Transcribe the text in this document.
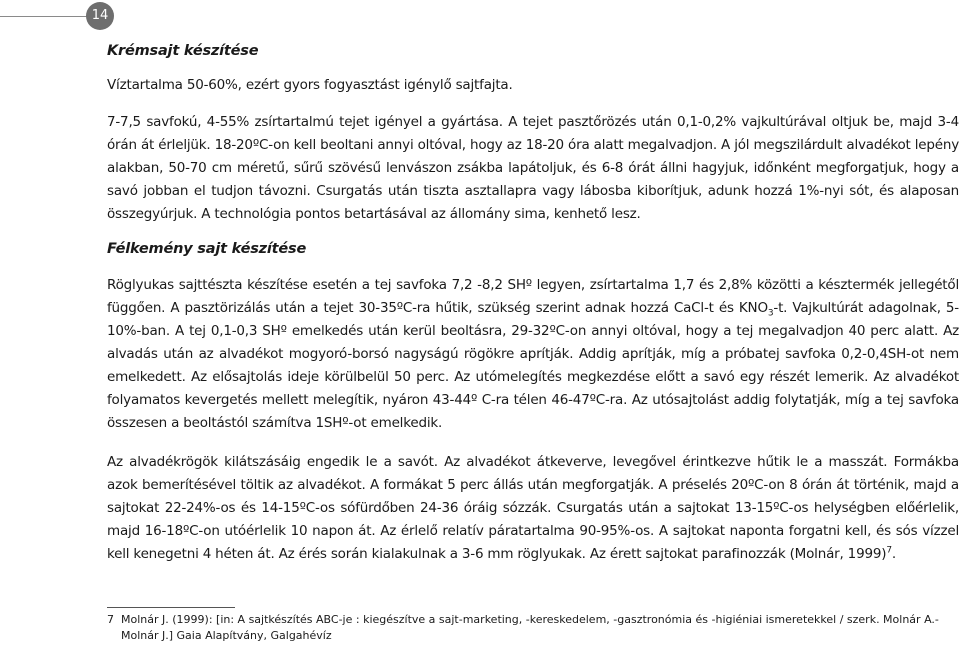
14
Krémsajt készítése

Víztartalma 50-60%, ezért gyors fogyasztást igénylő sajtfajta.

7-7,5 savfokú, 4-55% zsírtartalmú tejet igényel a gyártása. A tejet pasztőrözés után 0,1-0,2% vajkultúrával oltjuk be, majd 3-4 órán át érleljük. 18-20ºC-on kell beoltani annyi oltóval, hogy az 18-20 óra alatt megalvadjon. A jól megszilárdult alvadékot lepény alakban, 50-70 cm méretű, sűrű szövésű lenvászon zsákba lapátoljuk, és 6-8 órát állni hagyjuk, időnként megforgatjuk, hogy a savó jobban el tudjon távozni. Csurgatás után tiszta asztallapra vagy lábosba kiborítjuk, adunk hozzá 1%-nyi sót, és alaposan összegyúrjuk. A technológia pontos betartásával az állomány sima, kenhető lesz.

Félkemény sajt készítése

Röglyukas sajttészta készítése esetén a tej savfoka 7,2 -8,2 SHº legyen, zsírtartalma 1,7 és 2,8% közötti a késztermék jellegétől függően. A pasztörizálás után a tejet 30-35ºC-ra hűtik, szükség szerint adnak hozzá CaCl-t és $KNO_3-t$. Vajkultúrát adagolnak, 5-10%-ban. A tej 0,1-0,3 SHº emelkedés után kerül beoltásra, 29-32ºC-on annyi oltóval, hogy a tej megalvadjon 40 perc alatt. Az alvadás után az alvadékot mogyoró-borsó nagyságú rögökre aprítják. Addig aprítják, míg a próbatej savfoka 0,2-0,4SH-ot nem emelkedett. Az elősajtolás ideje körülbelül 50 perc. Az utómelegítés megkezdése előtt a savó egy részét lemerik. Az alvadékot folyamatos kevergetés mellett melegítik, nyáron 43-44º C-ra télen 46-47ºC-ra. Az utósajtolást addig folytatják, míg a tej savfoka összesen a beoltástól számítva 1SHº-ot emelkedik.

Az alvadékrögök kilátszásáig engedik le a savót. Az alvadékot átkeverve, levegővel érintkezve hűtik le a masszát. Formákba azok bemerítésével töltik az alvadékot. A formákat 5 perc állás után megforgatják. A préselés 20ºC-on 8 órán át történik, majd a sajtokat 22-24%-os és 14-15ºC-os sófürdőben 24-36 óráig sózzák. Csurgatás után a sajtokat 13-15ºC-os helységben előérlelik, majd 16-18ºC-on utóérlelik 10 napon át. Az érlelő relatív páratartalma 90-95%-os. A sajtokat naponta forgatni kell, és sós vízzel kell kenegetni 4 héten át. Az érés során kialakulnak a 3-6 mm röglyukak. Az érett sajtokat parafinozzák (Molnár, 1999)$^7$.

7 Molnár J. (1999): [in: A sajtkészítés ABC-je : kiegészítve a sajt-marketing, -kereskedelem, -gasztronómia és -higiéniai ismeretekkel / szerk. Molnár A.- Molnár J.] Gaia Alapítvány, Galgahévíz
